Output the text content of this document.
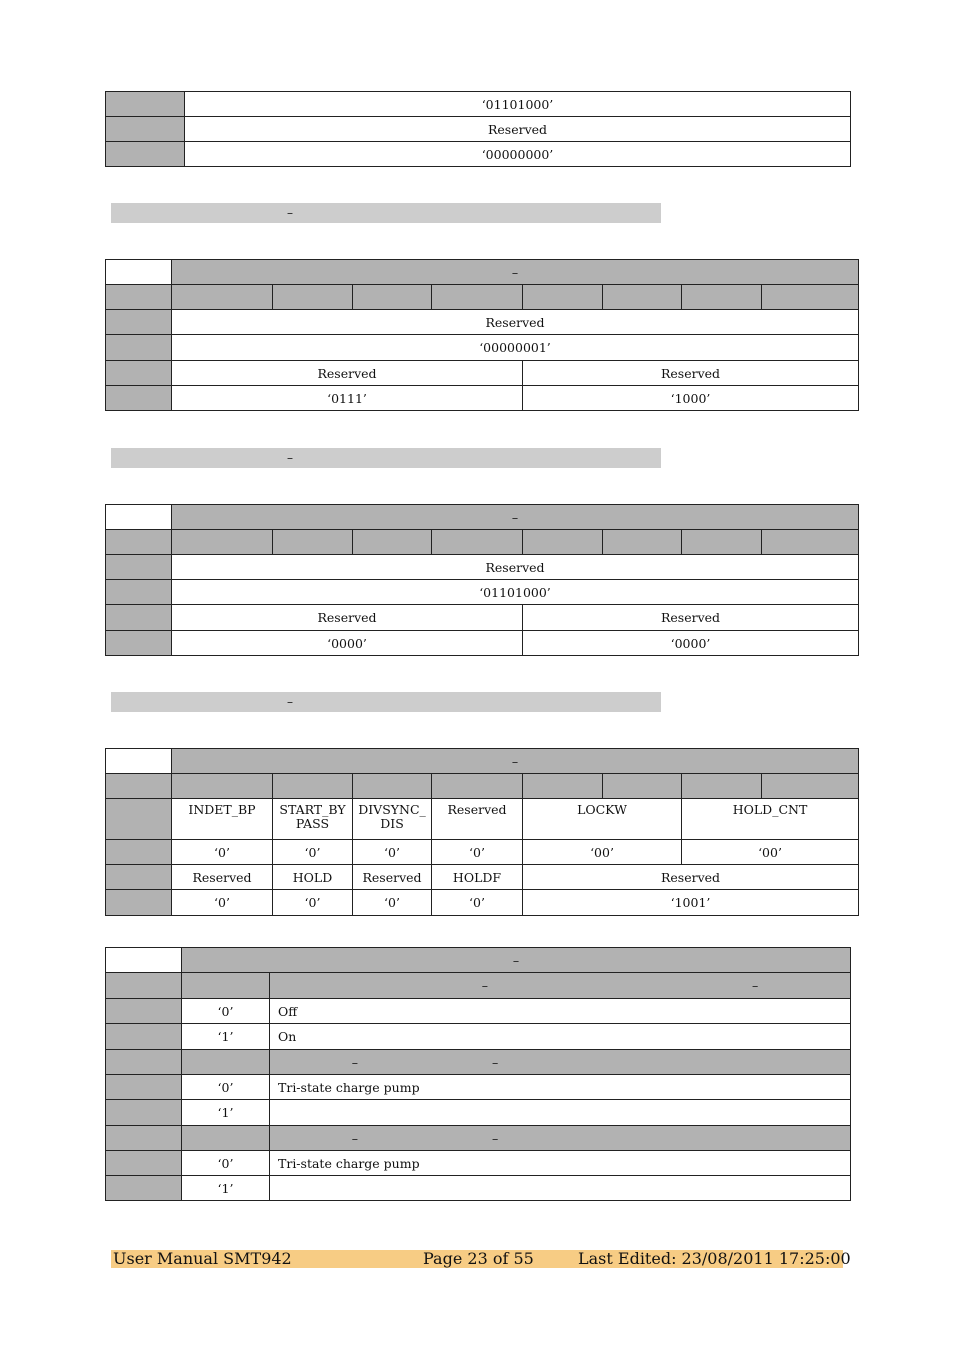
	‘01101000’
	Reserved
	‘00000000’
–
	–							

	Reserved							
	‘00000001’							
	Reserved				Reserved			
	‘0111’				‘1000’			
–
	–							

	Reserved							
	‘01101000’							
	Reserved				Reserved			
	‘0000’				‘0000’			
–
	–							

	INDET_BP	START_BYPASS	DIVSYNC_DIS	Reserved	LOCKW		HOLD_CNT	
	‘0’	‘0’	‘0’	‘0’	‘00’		‘00’	
	Reserved	HOLD	Reserved	HOLDF	Reserved			
	‘0’	‘0’	‘0’	‘0’	‘1001’			
	–	
		– –
	‘0’	Off
	‘1’	On
		– –
	‘0’	Tri-state charge pump
	‘1’	
		– –
	‘0’	Tri-state charge pump
	‘1’	
User Manual SMT942	Page 23 of 55	Last Edited: 23/08/2011 17:25:00
